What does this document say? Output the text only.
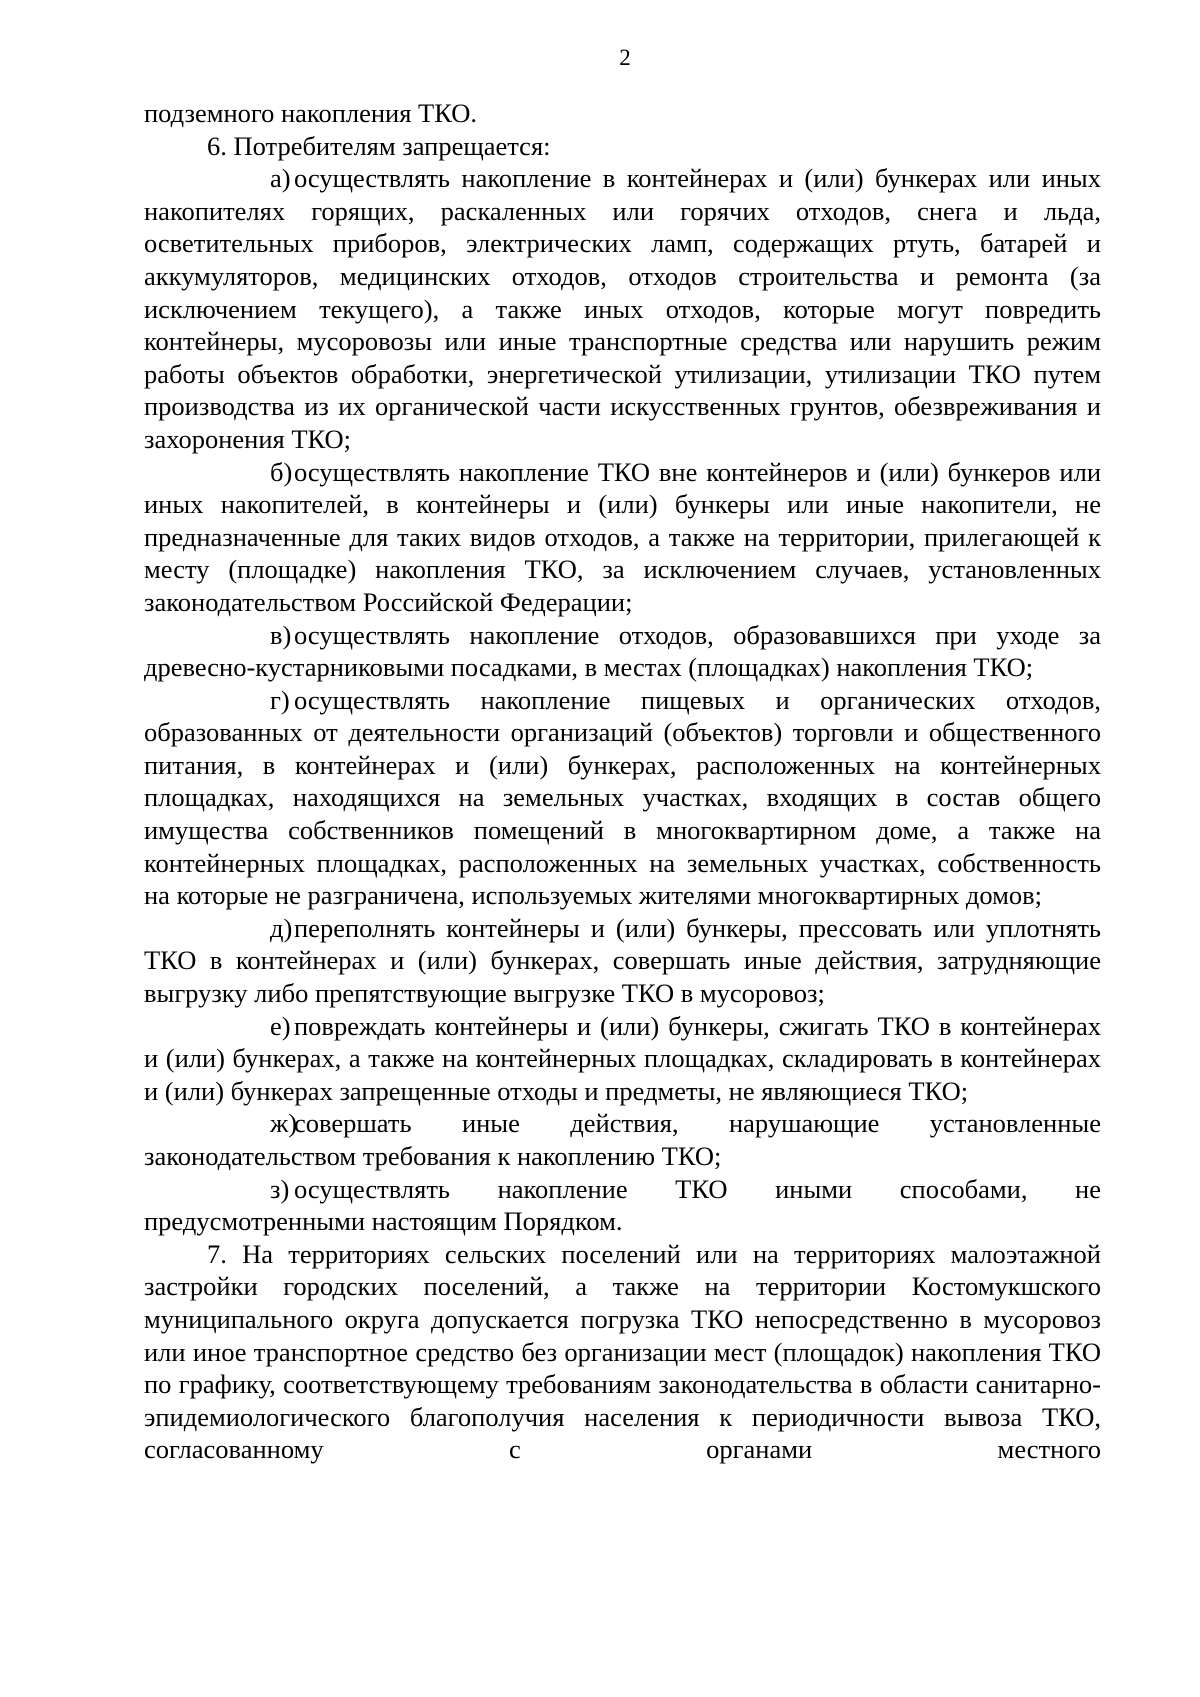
2

подземного накопления ТКО.

6. Потребителям запрещается:

а) осуществлять накопление в контейнерах и (или) бункерах или иных накопителях горящих, раскаленных или горячих отходов, снега и льда, осветительных приборов, электрических ламп, содержащих ртуть, батарей и аккумуляторов, медицинских отходов, отходов строительства и ремонта (за исключением текущего), а также иных отходов, которые могут повредить контейнеры, мусоровозы или иные транспортные средства или нарушить режим работы объектов обработки, энергетической утилизации, утилизации ТКО путем производства из их органической части искусственных грунтов, обезвреживания и захоронения ТКО;

б)осуществлять накопление ТКО вне контейнеров и (или) бункеров или иных накопителей, в контейнеры и (или) бункеры или иные накопители, не предназначенные для таких видов отходов, а также на территории, прилегающей к месту (площадке) накопления ТКО, за исключением случаев, установленных законодательством Российской Федерации;

в) осуществлять накопление отходов, образовавшихся при уходе за древесно-кустарниковыми посадками, в местах (площадках) накопления ТКО;

г) осуществлять накопление пищевых и органических отходов, образованных от деятельности организаций (объектов) торговли и общественного питания, в контейнерах и (или) бункерах, расположенных на контейнерных площадках, находящихся на земельных участках, входящих в состав общего имущества собственников помещений в многоквартирном доме, а также на контейнерных площадках, расположенных на земельных участках, собственность на которые не разграничена, используемых жителями многоквартирных домов;

д)переполнять контейнеры и (или) бункеры, прессовать или уплотнять ТКО в контейнерах и (или) бункерах, совершать иные действия, затрудняющие выгрузку либо препятствующие выгрузке ТКО в мусоровоз;

е) повреждать контейнеры и (или) бункеры, сжигать ТКО в контейнерах и (или) бункерах, а также на контейнерных площадках, складировать в контейнерах и (или) бункерах запрещенные отходы и предметы, не являющиеся ТКО;

ж)совершать иные действия, нарушающие установленные законодательством требования к накоплению ТКО;

з) осуществлять накопление ТКО иными способами, не предусмотренными настоящим Порядком.

7. На территориях сельских поселений или на территориях малоэтажной застройки городских поселений, а также на территории Костомукшского муниципального округа допускается погрузка ТКО непосредственно в мусоровоз или иное транспортное средство без организации мест (площадок) накопления ТКО по графику, соответствующему требованиям законодательства в области санитарно-эпидемиологического благополучия населения к периодичности вывоза ТКО, согласованному с органами местного
